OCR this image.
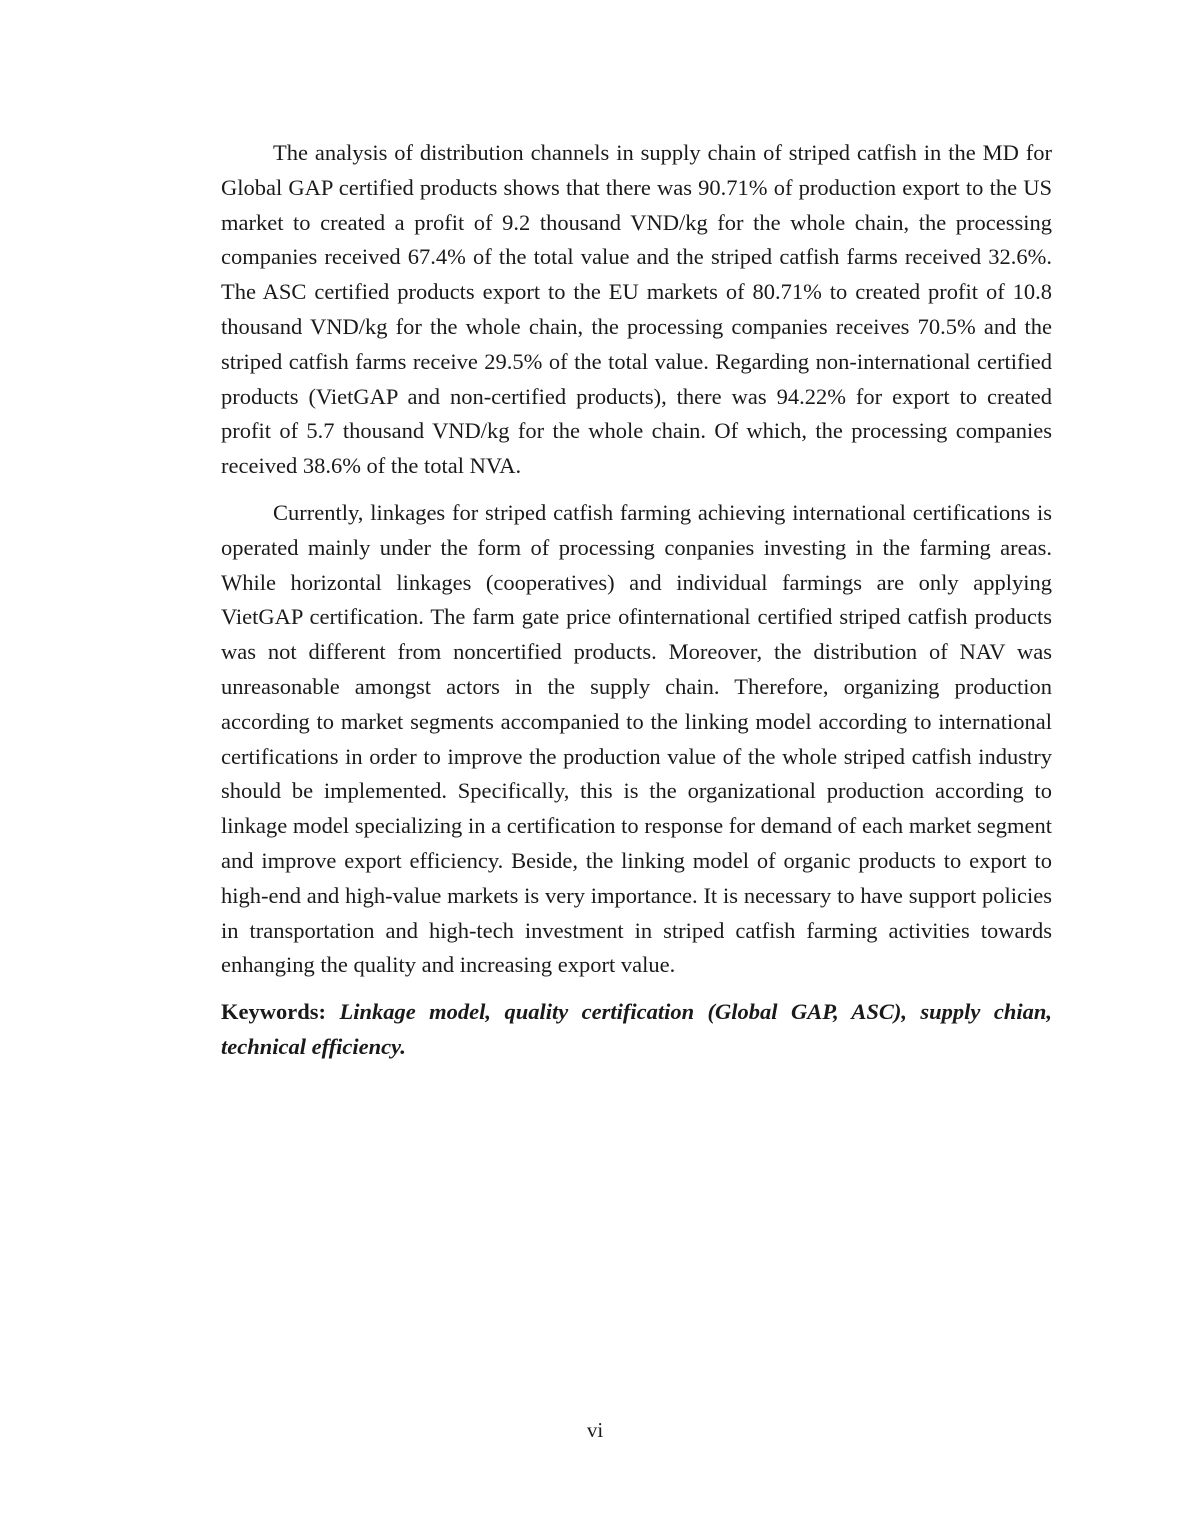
The analysis of distribution channels in supply chain of striped catfish in the MD for Global GAP certified products shows that there was 90.71% of production export to the US market to created a profit of 9.2 thousand VND/kg for the whole chain, the processing companies received 67.4% of the total value and the striped catfish farms received 32.6%. The ASC certified products export to the EU markets of 80.71% to created profit of 10.8 thousand VND/kg for the whole chain, the processing companies receives 70.5% and the striped catfish farms receive 29.5% of the total value. Regarding non-international certified products (VietGAP and non-certified products), there was 94.22% for export to created profit of 5.7 thousand VND/kg for the whole chain. Of which, the processing companies received 38.6% of the total NVA.

Currently, linkages for striped catfish farming achieving international certifications is operated mainly under the form of processing conpanies investing in the farming areas. While horizontal linkages (cooperatives) and individual farmings are only applying VietGAP certification. The farm gate price ofinternational certified striped catfish products was not different from noncertified products. Moreover, the distribution of NAV was unreasonable amongst actors in the supply chain. Therefore, organizing production according to market segments accompanied to the linking model according to international certifications in order to improve the production value of the whole striped catfish industry should be implemented. Specifically, this is the organizational production according to linkage model specializing in a certification to response for demand of each market segment and improve export efficiency. Beside, the linking model of organic products to export to high-end and high-value markets is very importance. It is necessary to have support policies in transportation and high-tech investment in striped catfish farming activities towards enhanging the quality and increasing export value.

Keywords: Linkage model, quality certification (Global GAP, ASC), supply chian, technical efficiency.

vi
